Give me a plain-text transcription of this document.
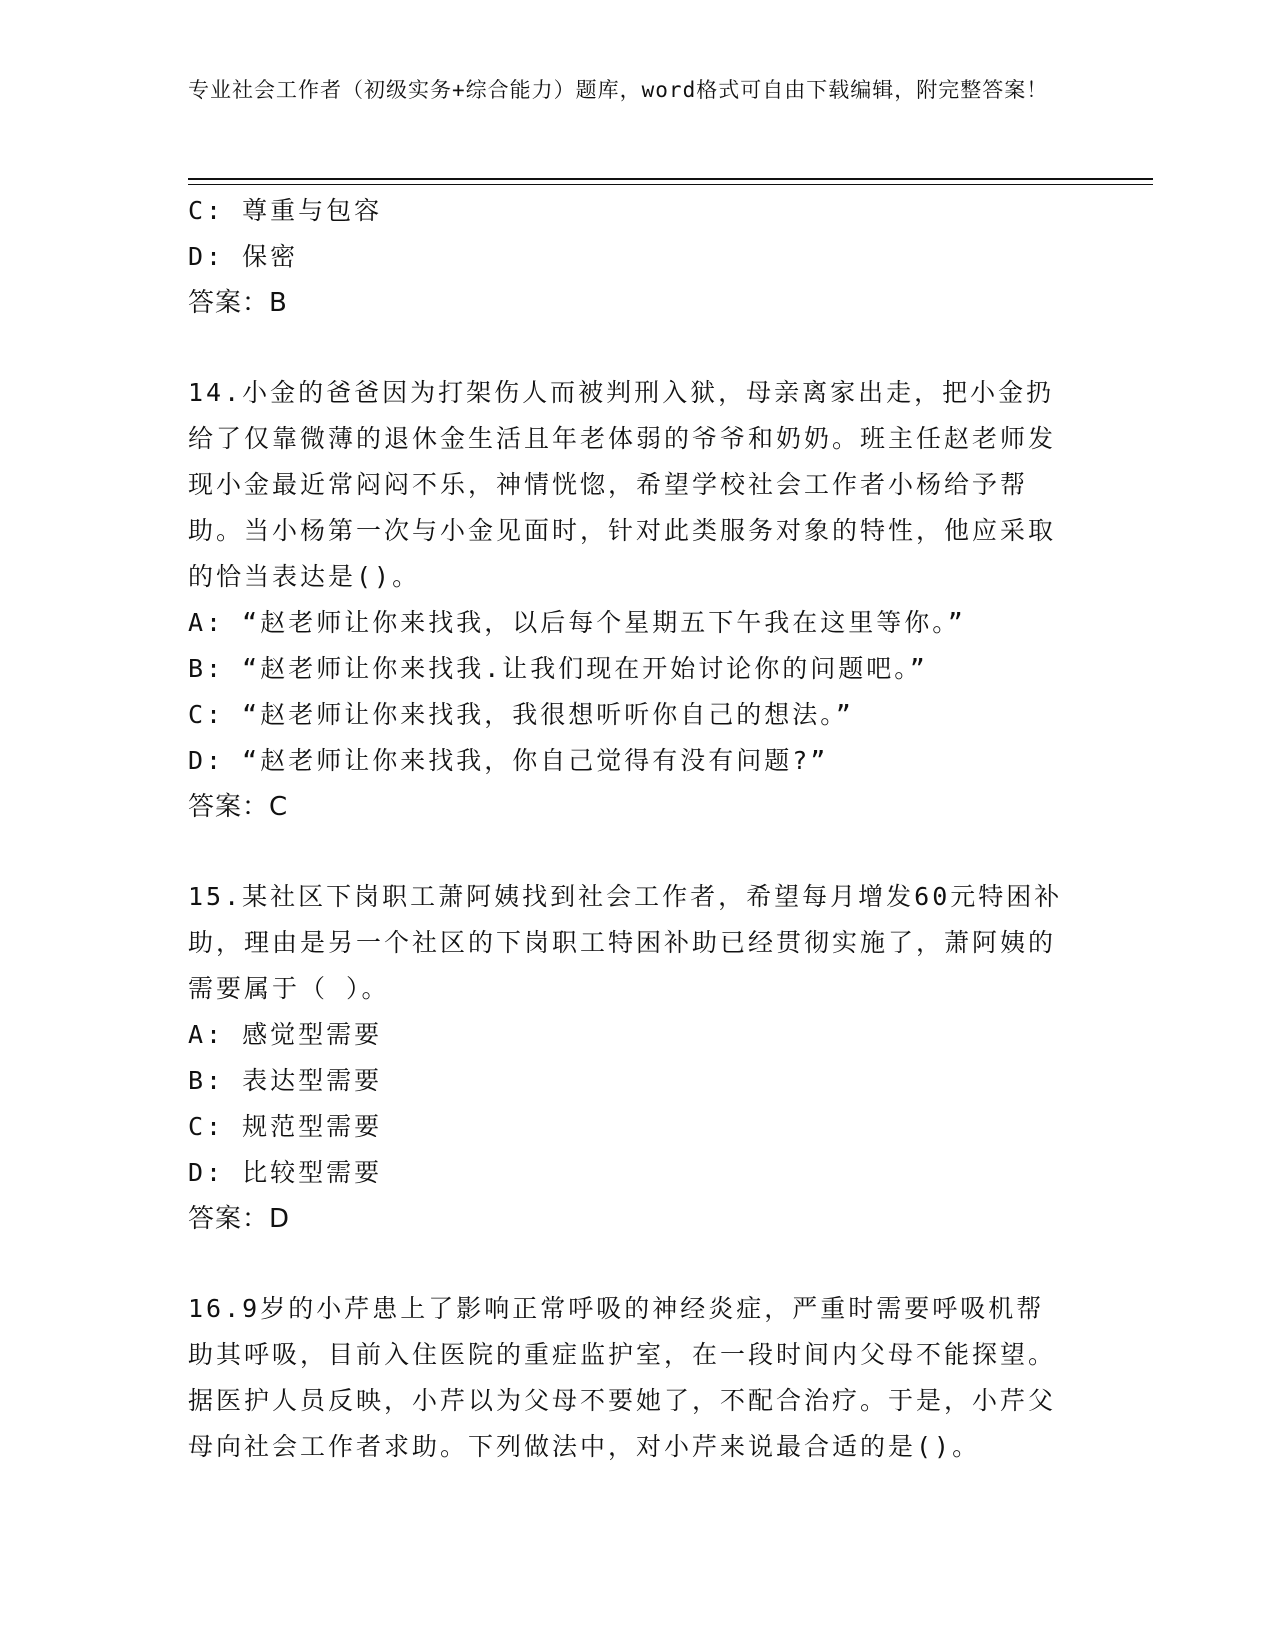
专业社会工作者（初级实务+综合能力）题库，word格式可自由下载编辑，附完整答案！
C: 尊重与包容
D: 保密
答案：B
14.小金的爸爸因为打架伤人而被判刑入狱，母亲离家出走，把小金扔给了仅靠微薄的退休金生活且年老体弱的爷爷和奶奶。班主任赵老师发现小金最近常闷闷不乐，神情恍惚，希望学校社会工作者小杨给予帮助。当小杨第一次与小金见面时，针对此类服务对象的特性，他应采取的恰当表达是()。
A: “赵老师让你来找我，以后每个星期五下午我在这里等你。”
B: “赵老师让你来找我.让我们现在开始讨论你的问题吧。”
C: “赵老师让你来找我，我很想听听你自己的想法。”
D: “赵老师让你来找我，你自己觉得有没有问题?”
答案：C
15.某社区下岗职工萧阿姨找到社会工作者，希望每月增发60元特困补助，理由是另一个社区的下岗职工特困补助已经贯彻实施了，萧阿姨的需要属于（ ）。
A: 感觉型需要
B: 表达型需要
C: 规范型需要
D: 比较型需要
答案：D
16.9岁的小芹患上了影响正常呼吸的神经炎症，严重时需要呼吸机帮助其呼吸，目前入住医院的重症监护室，在一段时间内父母不能探望。据医护人员反映，小芹以为父母不要她了，不配合治疗。于是，小芹父母向社会工作者求助。下列做法中，对小芹来说最合适的是()。
